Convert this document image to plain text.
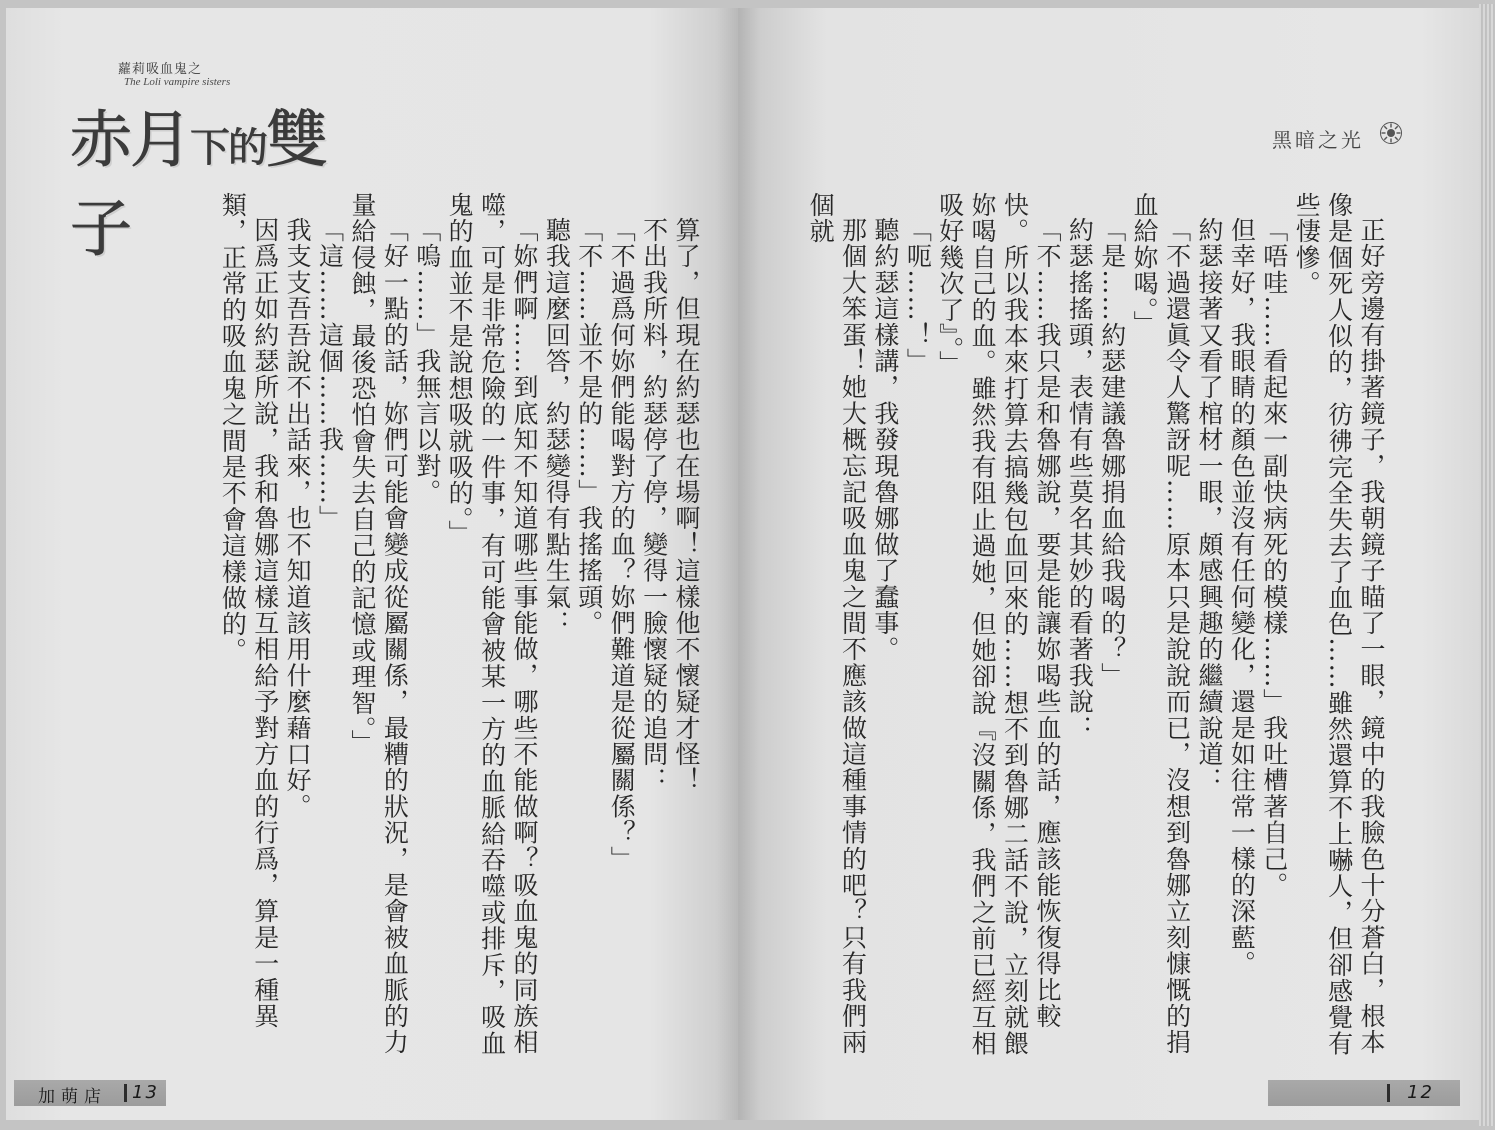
蘿莉吸血鬼之
The Loli vampire sisters
赤月下的雙子	算了，但現在約瑟也在場啊！這樣他不懷疑才怪！

不出我所料，約瑟停了停，變得一臉懷疑的追問：

「不過爲何妳們能喝對方的血？妳們難道是從屬關係？」

「不……並不是的……」我搖搖頭。

聽我這麼回答，約瑟變得有點生氣：

「妳們啊……到底知不知道哪些事能做，哪些不能做啊？吸血鬼的同族相噬，可是非常危險的一件事，有可能會被某一方的血脈給吞噬或排斥，吸血鬼的血並不是說想吸就吸的。」

「嗚……」我無言以對。

「好一點的話，妳們可能會變成從屬關係，最糟的狀況，是會被血脈的力量給侵蝕，最後恐怕會失去自己的記憶或理智。」

「這……這個……我……」

我支支吾吾說不出話來，也不知道該用什麼藉口好。

因爲正如約瑟所說，我和魯娜這樣互相給予對方血的行爲，算是一種異類，正常的吸血鬼之間是不會這樣做的。

加萌店 13
黑暗之光

正好旁邊有掛著鏡子，我朝鏡子瞄了一眼，鏡中的我臉色十分蒼白，根本像是個死人似的，彷彿完全失去了血色……雖然還算不上嚇人，但卻感覺有些悽慘。

「唔哇……看起來一副快病死的模樣……」我吐槽著自己。

但幸好，我眼睛的顏色並沒有任何變化，還是如往常一樣的深藍。

約瑟接著又看了棺材一眼，頗感興趣的繼續說道：

「不過還眞令人驚訝呢……原本只是說說而已，沒想到魯娜立刻慷慨的捐血給妳喝。」

「是……約瑟建議魯娜捐血給我喝的？」

約瑟搖搖頭，表情有些莫名其妙的看著我說：

「不……我只是和魯娜說，要是能讓妳喝些血的話，應該能恢復得比較快。所以我本來打算去搞幾包血回來的……想不到魯娜二話不說，立刻就餵妳喝自己的血。雖然我有阻止過她，但她卻說『沒關係，我們之前已經互相吸好幾次了』。」

「呃……！」

聽約瑟這樣講，我發現魯娜做了蠢事。

那個大笨蛋！她大概忘記吸血鬼之間不應該做這種事情的吧？只有我們兩個就

12
